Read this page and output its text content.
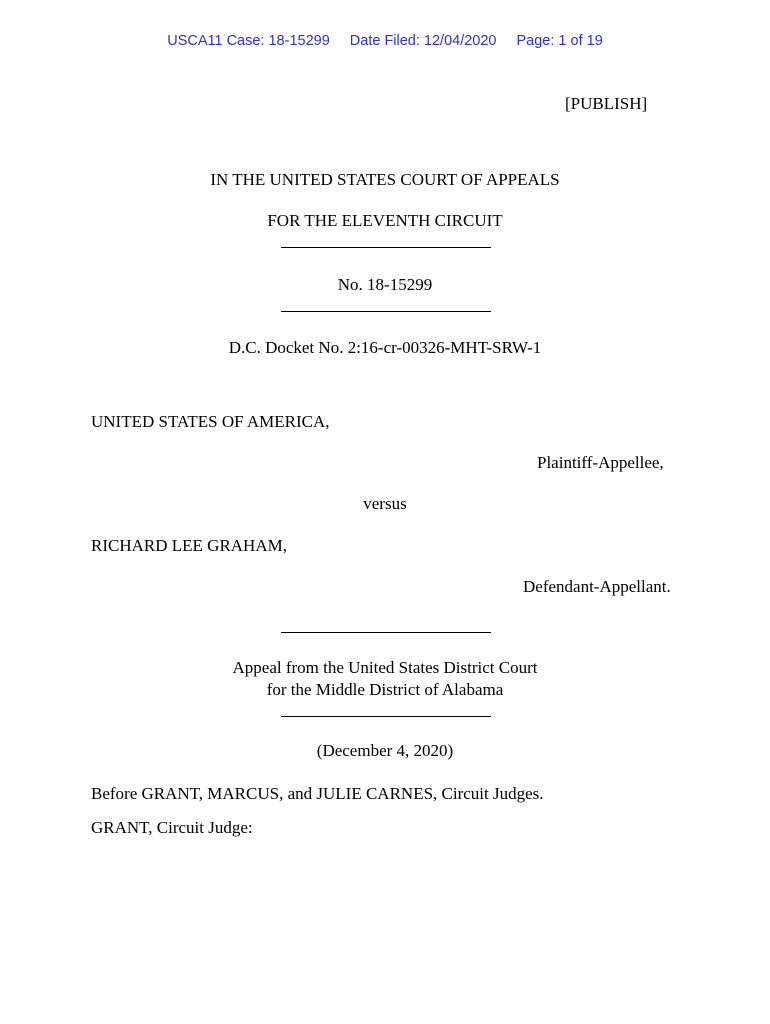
USCA11 Case: 18-15299 Date Filed: 12/04/2020 Page: 1 of 19
[PUBLISH]
IN THE UNITED STATES COURT OF APPEALS
FOR THE ELEVENTH CIRCUIT
No. 18-15299
D.C. Docket No. 2:16-cr-00326-MHT-SRW-1
UNITED STATES OF AMERICA,
Plaintiff-Appellee,
versus
RICHARD LEE GRAHAM,
Defendant-Appellant.
Appeal from the United States District Court
for the Middle District of Alabama
(December 4, 2020)
Before GRANT, MARCUS, and JULIE CARNES, Circuit Judges.
GRANT, Circuit Judge:
